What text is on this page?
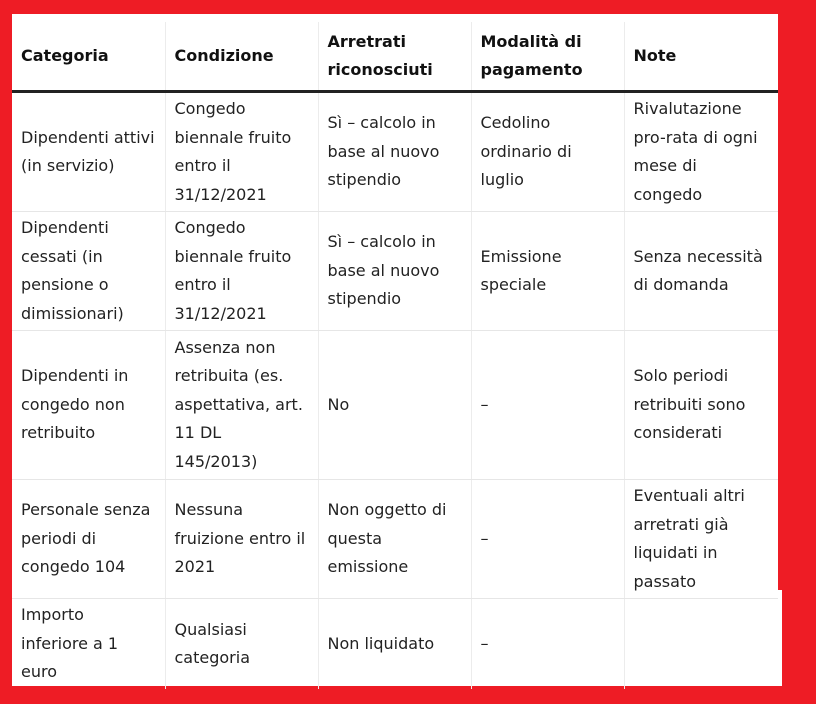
Categoria	Condizione	Arretrati riconosciuti	Modalità di pagamento	Note
Dipendenti attivi (in servizio)	Congedo biennale fruito entro il 31/12/2021	Sì – calcolo in base al nuovo stipendio	Cedolino ordinario di luglio	Rivalutazione pro-rata di ogni mese di congedo
Dipendenti cessati (in pensione o dimissionari)	Congedo biennale fruito entro il 31/12/2021	Sì – calcolo in base al nuovo stipendio	Emissione speciale	Senza necessità di domanda
Dipendenti in congedo non retribuito	Assenza non retribuita (es. aspettativa, art. 11 DL 145/2013)	No	–	Solo periodi retribuiti sono considerati
Personale senza periodi di congedo 104	Nessuna fruizione entro il 2021	Non oggetto di questa emissione	–	Eventuali altri arretrati già liquidati in passato
Importo inferiore a 1 euro	Qualsiasi categoria	Non liquidato	–	
